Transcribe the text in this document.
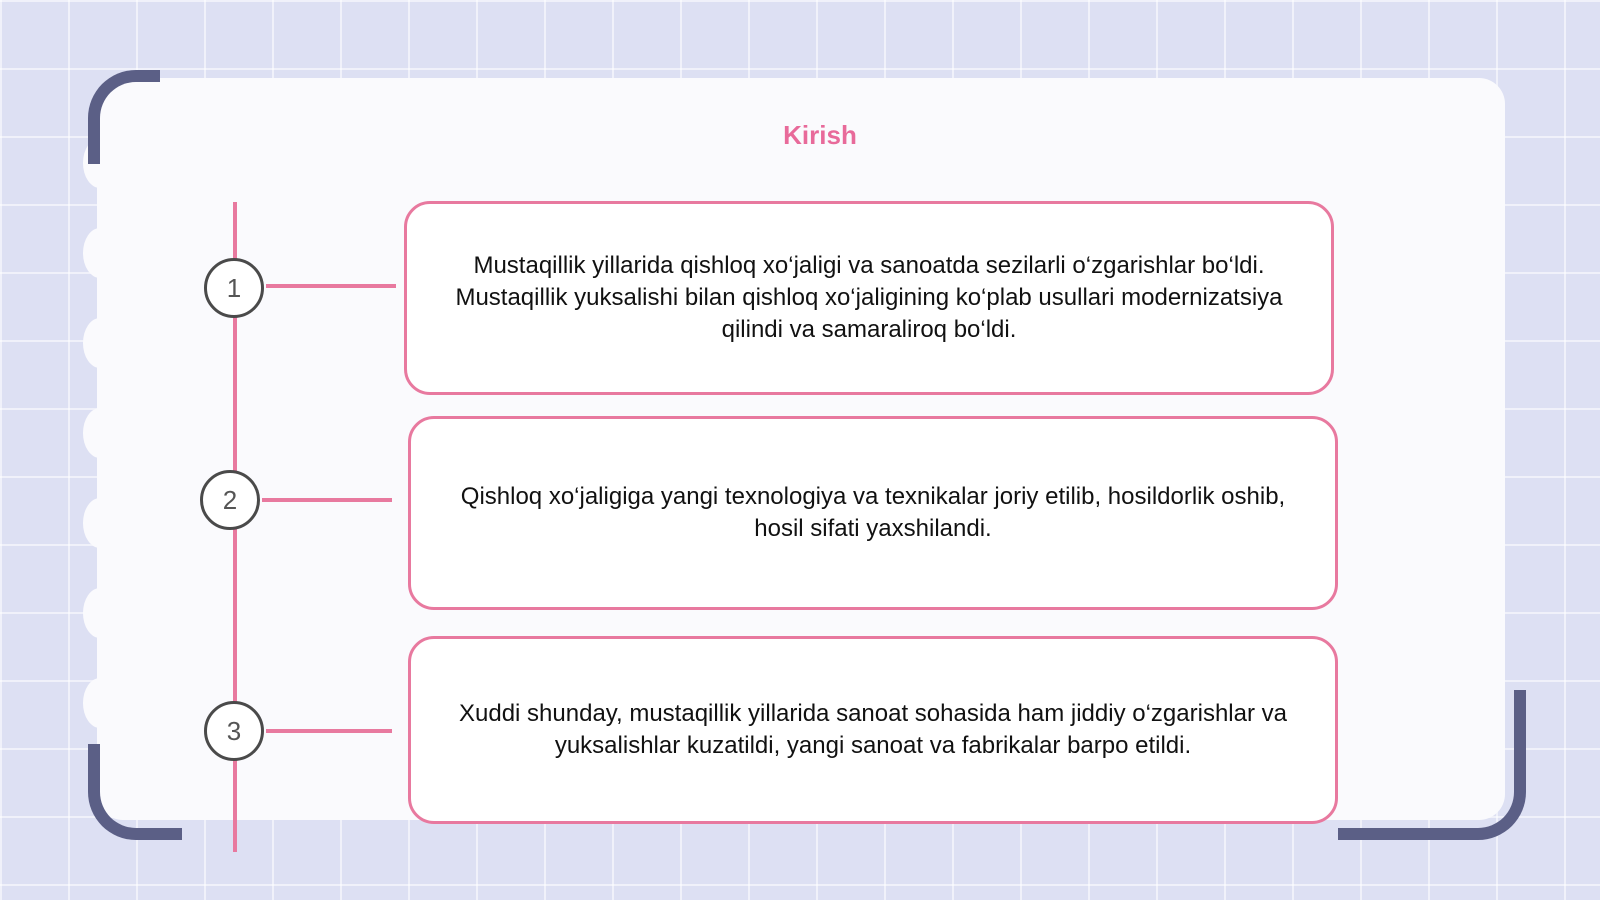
Kirish
1
2
3
Mustaqillik yillarida qishloq xo‘jaligi va sanoatda sezilarli o‘zgarishlar bo‘ldi. Mustaqillik yuksalishi bilan qishloq xo‘jaligining ko‘plab usullari modernizatsiya qilindi va samaraliroq bo‘ldi.
Qishloq xo‘jaligiga yangi texnologiya va texnikalar joriy etilib, hosildorlik oshib, hosil sifati yaxshilandi.
Xuddi shunday, mustaqillik yillarida sanoat sohasida ham jiddiy o‘zgarishlar va yuksalishlar kuzatildi, yangi sanoat va fabrikalar barpo etildi.
